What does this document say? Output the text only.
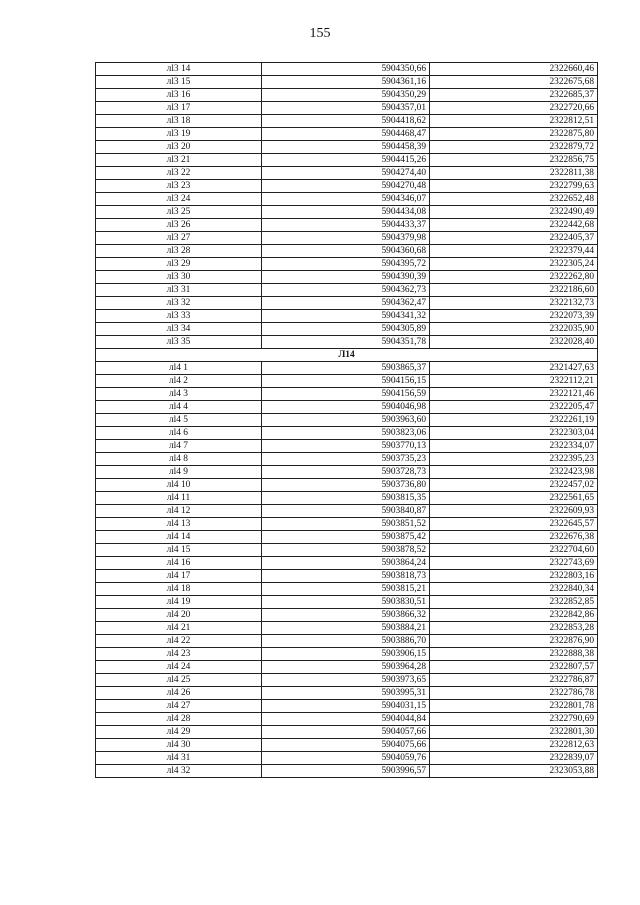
155
лl3 14	5904350,66	2322660,46
лl3 15	5904361,16	2322675,68
лl3 16	5904350,29	2322685,37
лl3 17	5904357,01	2322720,66
лl3 18	5904418,62	2322812,51
лl3 19	5904468,47	2322875,80
лl3 20	5904458,39	2322879,72
лl3 21	5904415,26	2322856,75
лl3 22	5904274,40	2322811,38
лl3 23	5904270,48	2322799,63
лl3 24	5904346,07	2322652,48
лl3 25	5904434,08	2322490,49
лl3 26	5904433,37	2322442,68
лl3 27	5904379,98	2322405,37
лl3 28	5904360,68	2322379,44
лl3 29	5904395,72	2322305,24
лl3 30	5904390,39	2322262,80
лl3 31	5904362,73	2322186,60
лl3 32	5904362,47	2322132,73
лl3 33	5904341,32	2322073,39
лl3 34	5904305,89	2322035,90
лl3 35	5904351,78	2322028,40
Л14		
лl4 1	5903865,37	2321427,63
лl4 2	5904156,15	2322112,21
лl4 3	5904156,59	2322121,46
лl4 4	5904046,98	2322205,47
лl4 5	5903963,60	2322261,19
лl4 6	5903823,06	2322303,04
лl4 7	5903770,13	2322334,07
лl4 8	5903735,23	2322395,23
лl4 9	5903728,73	2322423,98
лl4 10	5903736,80	2322457,02
лl4 11	5903815,35	2322561,65
лl4 12	5903840,87	2322609,93
лl4 13	5903851,52	2322645,57
лl4 14	5903875,42	2322676,38
лl4 15	5903878,52	2322704,60
лl4 16	5903864,24	2322743,69
лl4 17	5903818,73	2322803,16
лl4 18	5903815,21	2322840,34
лl4 19	5903830,51	2322852,85
лl4 20	5903866,32	2322842,86
лl4 21	5903884,21	2322853,28
лl4 22	5903886,70	2322876,90
лl4 23	5903906,15	2322888,38
лl4 24	5903964,28	2322807,57
лl4 25	5903973,65	2322786,87
лl4 26	5903995,31	2322786,78
лl4 27	5904031,15	2322801,78
лl4 28	5904044,84	2322790,69
лl4 29	5904057,66	2322801,30
лl4 30	5904075,66	2322812,63
лl4 31	5904059,76	2322839,07
лl4 32	5903996,57	2323053,88
